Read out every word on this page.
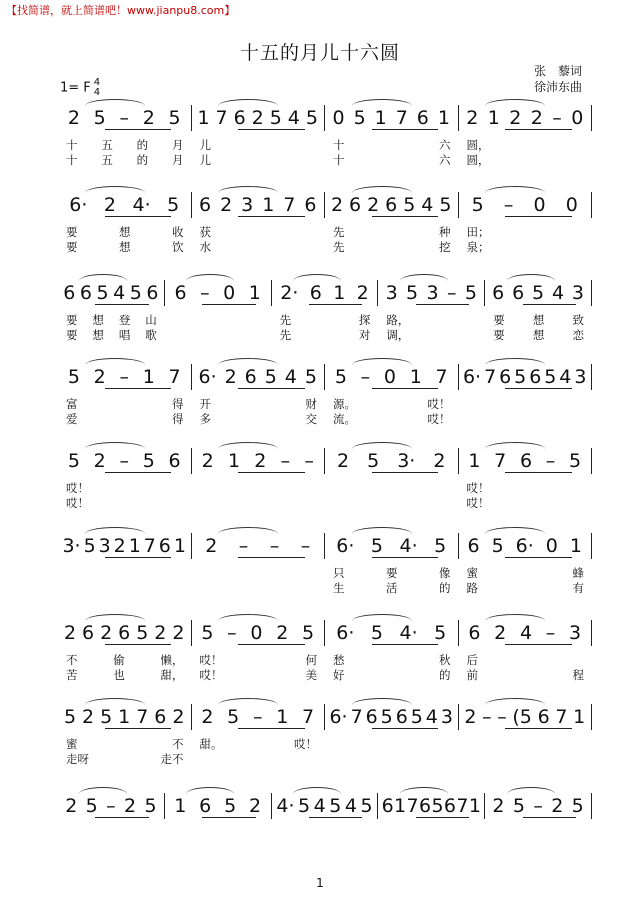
【找简谱，就上简谱吧！www.jianpu8.com】
十五的月儿十六圆
张　藜词
徐沛东曲
1= F 4
4
2 5 – 2 5 1 7 6 2 5 4 5 0 5 1 7 6 1 2 1 2 2 – 0
十 五 的 月 儿	十	六 圆，
十 五 的 月 儿	十	六 圆，
6· 2 4· 5 6 2 3 1 7 6 2 6 2 6 5 4 5 5 – 0 0
要	想	收 获	先	种 田；
要	想	饮 水	先	挖 泉；
6 6 5 4 5 6 6 – 0 1 2· 6 1 2 3 5 3 – 5 6 6 5 4 3
要 想 登 山	先	探 路，	要 想 致
要 想 唱 歌	先	对 调，	要 想 恋
5 2 – 1 7 6· 2 6 5 4 5 5 – 0 1 7 6· 7 6 5 6 5 4 3
富	得 开	财 源。	哎！
爱	得 多	交 流。	哎！
5 2 – 5 6 2 1 2 – – 2 5 3· 2 1 7 6 – 5
哎！	哎！
哎！	哎！
3· 5 3 2 1 7 6 1 2 – – – 6· 5 4· 5 6 5 6· 0 1
只	要	像 蜜	蜂
生	活	的 路	有
2 6 2 6 5 2 2 5 – 0 2 5 6· 5 4· 5 6 2 4 – 3
不	偷	懒， 哎！	何 愁	秋 后
苦	也	甜， 哎！	美 好	的 前	程
5 2 5 1 7 6 2 2 5 – 1 7 6· 7 6 5 6 5 4 3 2 – – (5 6 7 1
蜜	不 甜。	哎！
走呀	走不
2 5 – 2 5 1 6 5 2 4· 5 4 5 4 5 6 1 7 6 5 6 7 1 2 5 – 2 5
1
